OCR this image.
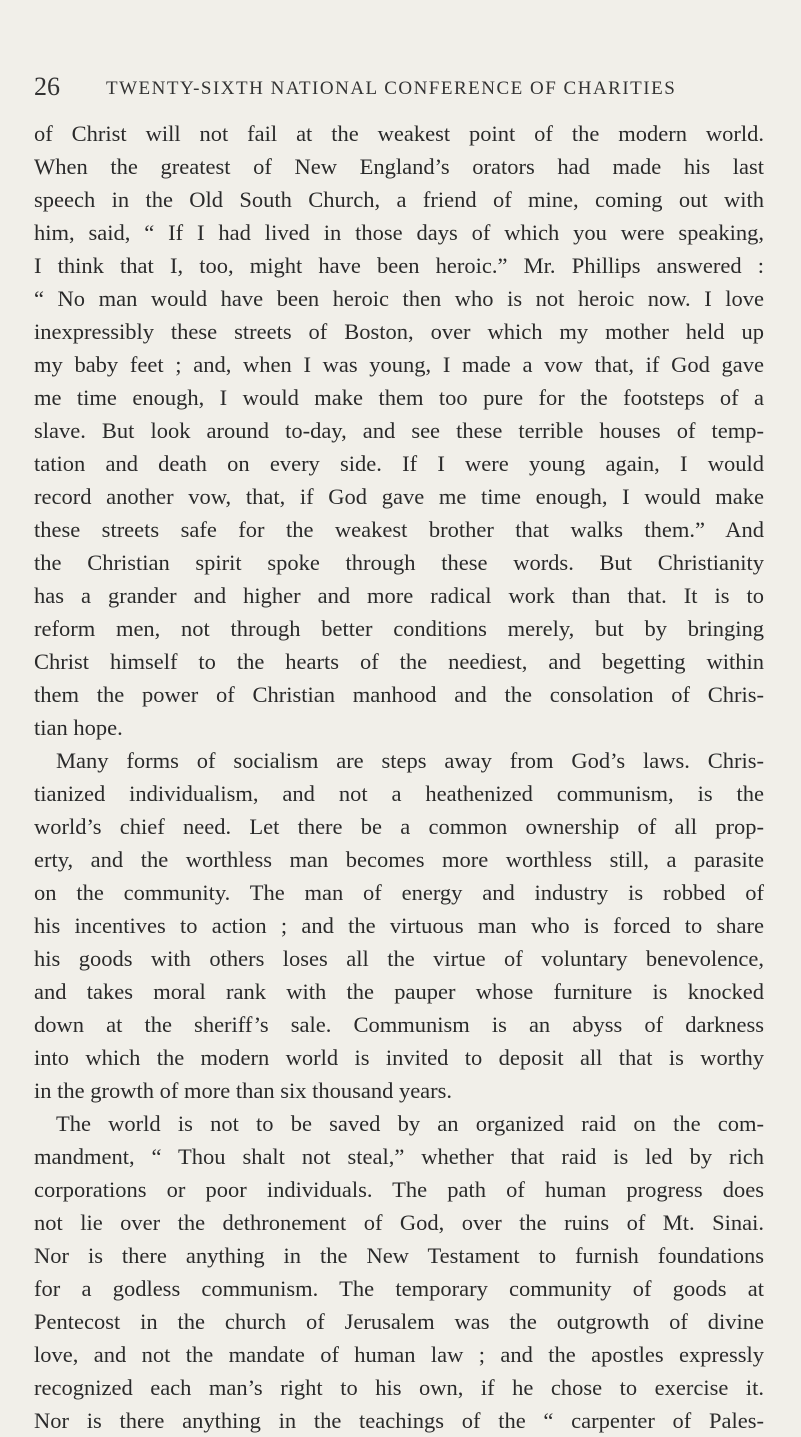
26 TWENTY-SIXTH NATIONAL CONFERENCE OF CHARITIES
of Christ will not fail at the weakest point of the modern world.
When the greatest of New England’s orators had made his last
speech in the Old South Church, a friend of mine, coming out with
him, said, “ If I had lived in those days of which you were speaking,
I think that I, too, might have been heroic.” Mr. Phillips answered :
“ No man would have been heroic then who is not heroic now. I love
inexpressibly these streets of Boston, over which my mother held up
my baby feet ; and, when I was young, I made a vow that, if God gave
me time enough, I would make them too pure for the footsteps of a
slave. But look around to-day, and see these terrible houses of temp-
tation and death on every side. If I were young again, I would
record another vow, that, if God gave me time enough, I would make
these streets safe for the weakest brother that walks them.” And
the Christian spirit spoke through these words. But Christianity
has a grander and higher and more radical work than that. It is to
reform men, not through better conditions merely, but by bringing
Christ himself to the hearts of the neediest, and begetting within
them the power of Christian manhood and the consolation of Chris-
tian hope.
Many forms of socialism are steps away from God’s laws. Chris-
tianized individualism, and not a heathenized communism, is the
world’s chief need. Let there be a common ownership of all prop-
erty, and the worthless man becomes more worthless still, a parasite
on the community. The man of energy and industry is robbed of
his incentives to action ; and the virtuous man who is forced to share
his goods with others loses all the virtue of voluntary benevolence,
and takes moral rank with the pauper whose furniture is knocked
down at the sheriff’s sale. Communism is an abyss of darkness
into which the modern world is invited to deposit all that is worthy
in the growth of more than six thousand years.
The world is not to be saved by an organized raid on the com-
mandment, “ Thou shalt not steal,” whether that raid is led by rich
corporations or poor individuals. The path of human progress does
not lie over the dethronement of God, over the ruins of Mt. Sinai.
Nor is there anything in the New Testament to furnish foundations
for a godless communism. The temporary community of goods at
Pentecost in the church of Jerusalem was the outgrowth of divine
love, and not the mandate of human law ; and the apostles expressly
recognized each man’s right to his own, if he chose to exercise it.
Nor is there anything in the teachings of the “ carpenter of Pales-
